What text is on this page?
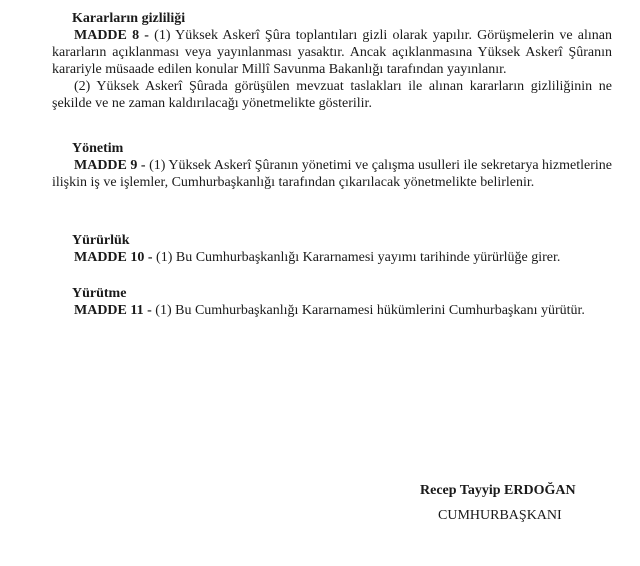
Kararların gizliliği
MADDE 8 - (1) Yüksek Askerî Şûra toplantıları gizli olarak yapılır. Görüşmelerin ve alınan kararların açıklanması veya yayınlanması yasaktır. Ancak açıklanmasına Yüksek Askerî Şûranın karariyle müsaade edilen konular Millî Savunma Bakanlığı tarafından yayınlanır.
(2) Yüksek Askerî Şûrada görüşülen mevzuat taslakları ile alınan kararların gizliliğinin ne şekilde ve ne zaman kaldırılacağı yönetmelikte gösterilir.
Yönetim
MADDE 9 - (1) Yüksek Askerî Şûranın yönetimi ve çalışma usulleri ile sekretarya hizmetlerine ilişkin iş ve işlemler, Cumhurbaşkanlığı tarafından çıkarılacak yönetmelikte belirlenir.
Yürürlük
MADDE 10 - (1) Bu Cumhurbaşkanlığı Kararnamesi yayımı tarihinde yürürlüğe girer.
Yürütme
MADDE 11 - (1) Bu Cumhurbaşkanlığı Kararnamesi hükümlerini Cumhurbaşkanı yürütür.
Recep Tayyip ERDOĞAN
CUMHURBAŞKANI
